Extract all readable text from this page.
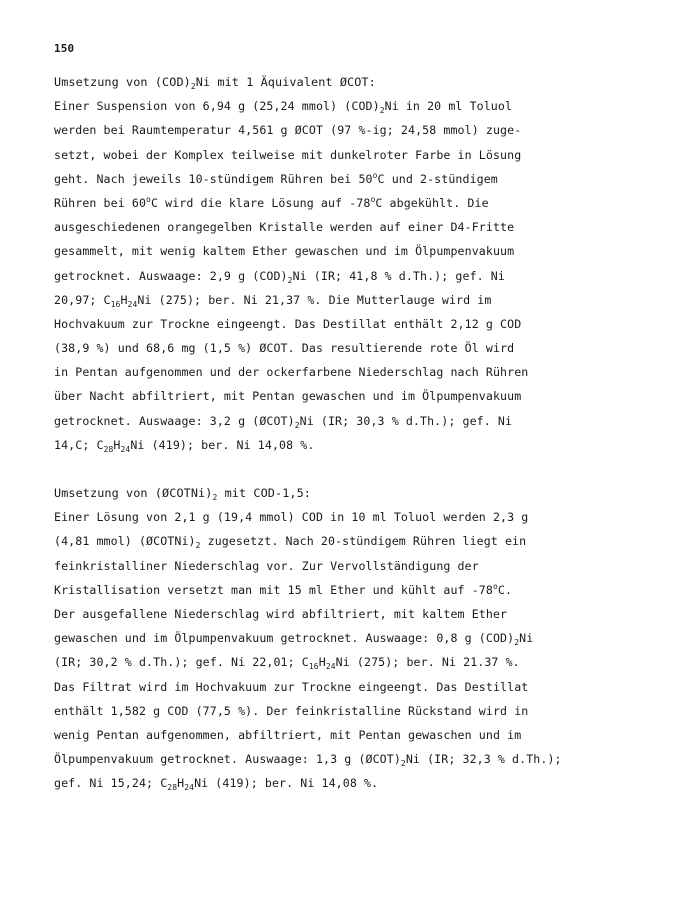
150
Umsetzung von $(COD)_2Ni$ mit 1 Äquivalent ØCOT:
Einer Suspension von 6,94 g (25,24 mmol) $(COD)_2Ni$ in 20 ml Toluol
werden bei Raumtemperatur 4,561 g ØCOT (97 %-ig; 24,58 mmol) zuge-
setzt, wobei der Komplex teilweise mit dunkelroter Farbe in Lösung
geht. Nach jeweils 10-stündigem Rühren bei 50$^o$C und 2-stündigem
Rühren bei 60$^o$C wird die klare Lösung auf -78$^o$C abgekühlt. Die
ausgeschiedenen orangegelben Kristalle werden auf einer D4-Fritte
gesammelt, mit wenig kaltem Ether gewaschen und im Ölpumpenvakuum
getrocknet. Auswaage: 2,9 g $(COD)_2Ni$ (IR; 41,8 % d.Th.); gef. Ni
20,97; $C_{16}H_{24}Ni$ (275); ber. Ni 21,37 %. Die Mutterlauge wird im
Hochvakuum zur Trockne eingeengt. Das Destillat enthält 2,12 g COD
(38,9 %) und 68,6 mg (1,5 %) ØCOT. Das resultierende rote Öl wird
in Pentan aufgenommen und der ockerfarbene Niederschlag nach Rühren
über Nacht abfiltriert, mit Pentan gewaschen und im Ölpumpenvakuum
getrocknet. Auswaage: 3,2 g $(ØCOT)_2Ni$ (IR; 30,3 % d.Th.); gef. Ni
14,C; $C_{28}H_{24}Ni$ (419); ber. Ni 14,08 %.
Umsetzung von $(ØCOTNi)_2$ mit COD-1,5:
Einer Lösung von 2,1 g (19,4 mmol) COD in 10 ml Toluol werden 2,3 g
(4,81 mmol) $(ØCOTNi)_2$ zugesetzt. Nach 20-stündigem Rühren liegt ein
feinkristalliner Niederschlag vor. Zur Vervollständigung der
Kristallisation versetzt man mit 15 ml Ether und kühlt auf -78$^o$C.
Der ausgefallene Niederschlag wird abfiltriert, mit kaltem Ether
gewaschen und im Ölpumpenvakuum getrocknet. Auswaage: 0,8 g $(COD)_2Ni$
(IR; 30,2 % d.Th.); gef. Ni 22,01; $C_{16}H_{24}Ni$ (275); ber. Ni 21.37 %.
Das Filtrat wird im Hochvakuum zur Trockne eingeengt. Das Destillat
enthält 1,582 g COD (77,5 %). Der feinkristalline Rückstand wird in
wenig Pentan aufgenommen, abfiltriert, mit Pentan gewaschen und im
Ölpumpenvakuum getrocknet. Auswaage: 1,3 g $(ØCOT)_2Ni$ (IR; 32,3 % d.Th.);
gef. Ni 15,24; $C_{28}H_{24}Ni$ (419); ber. Ni 14,08 %.
